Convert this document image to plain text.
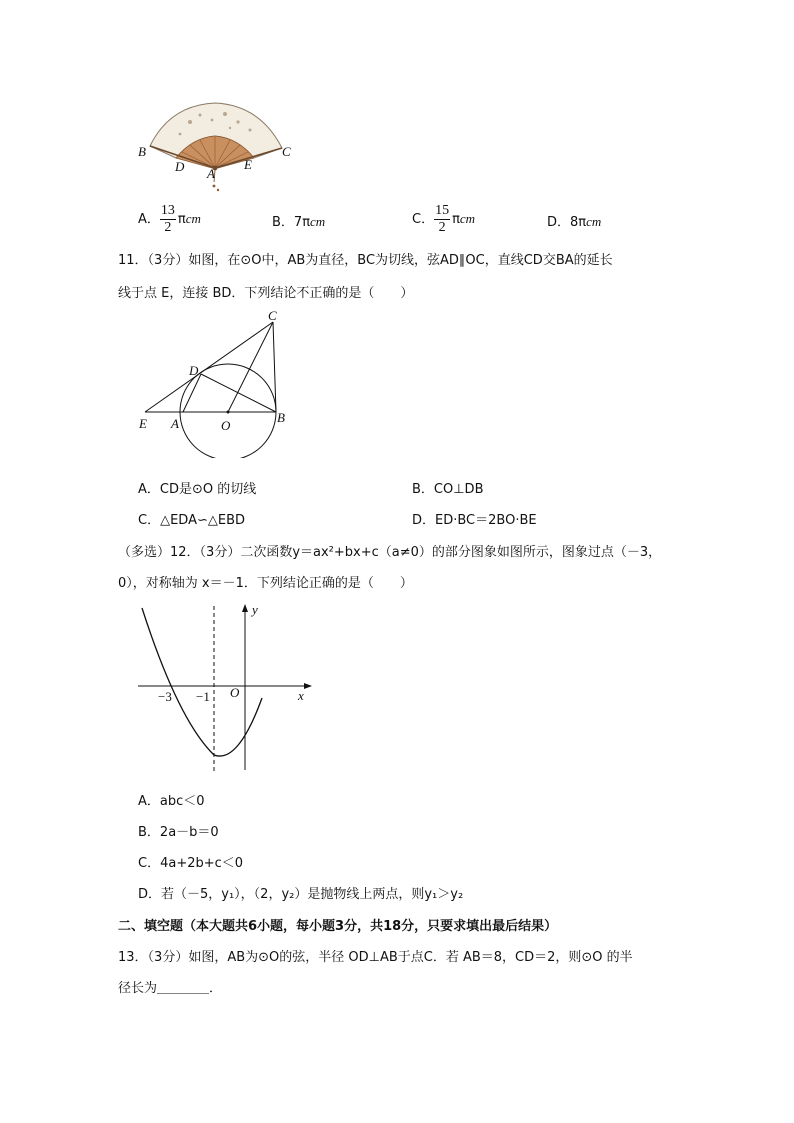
B	C
D	E
A
A． $\frac{13}{2}$ πcm	B．7πcm	C． $\frac{15}{2}$ πcm	D．8πcm
11．（3分）如图，在⊙O中，AB为直径，BC为切线，弦AD∥OC，直线CD交BA的延长
线于点 E，连接 BD．下列结论不正确的是（　　）
C
D
E A	O
B
A．CD是⊙O 的切线	B．CO⊥DB
C．△EDA∽△EBD	D．ED·BC＝2BO·BE
（多选）12．（3分）二次函数y＝ax²+bx+c（a≠0）的部分图象如图所示，图象过点（－3，
0），对称轴为 x＝－1．下列结论正确的是（　　）
y
x
O
−3 −1
A．abc＜0
B．2a－b＝0
C．4a+2b+c＜0
D．若（－5，y₁），（2，y₂）是抛物线上两点，则y₁＞y₂
二、填空题（本大题共6小题，每小题3分，共18分，只要求填出最后结果）
13．（3分）如图，AB为⊙O的弦，半径 OD⊥AB于点C．若 AB＝8，CD＝2，则⊙O 的半
径长为＿＿＿＿．
